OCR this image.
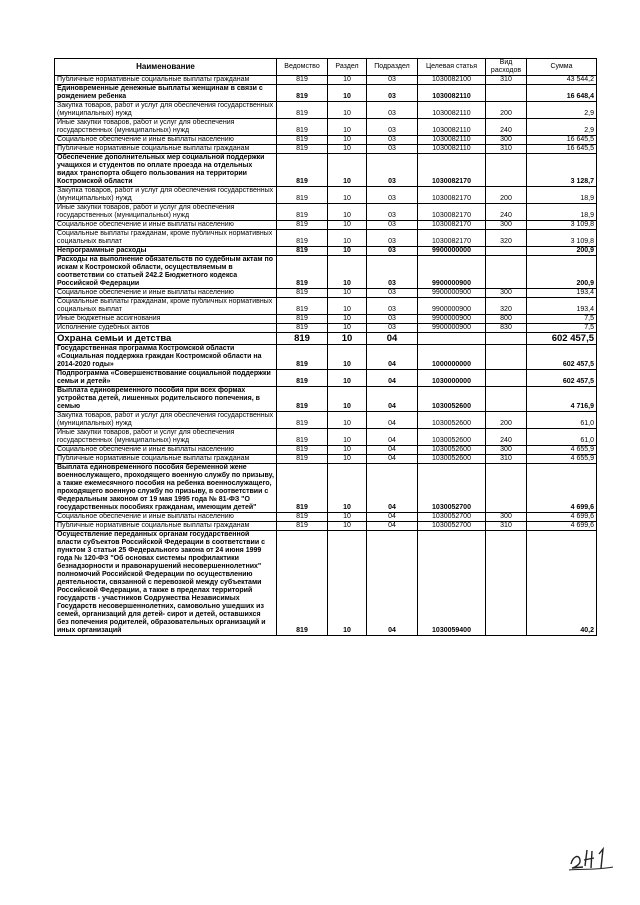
Наименование	Ведомство	Раздел	Подраздел	Целевая статья	Вид расходов	Сумма
Публичные нормативные социальные выплаты гражданам	819	10	03	1030082100	310	43 544,2
Единовременные денежные выплаты женщинам в связи с рождением ребенка	819	10	03	1030082110		16 648,4
Закупка товаров, работ и услуг для обеспечения государственных (муниципальных) нужд	819	10	03	1030082110	200	2,9
Иные закупки товаров, работ и услуг для обеспечения государственных (муниципальных) нужд	819	10	03	1030082110	240	2,9
Социальное обеспечение и иные выплаты населению	819	10	03	1030082110	300	16 645,5
Публичные нормативные социальные выплаты гражданам	819	10	03	1030082110	310	16 645,5
Обеспечение дополнительных мер социальной поддержки учащихся и студентов по оплате проезда на отдельных видах транспорта общего пользования на территории Костромской области	819	10	03	1030082170		3 128,7
Закупка товаров, работ и услуг для обеспечения государственных (муниципальных) нужд	819	10	03	1030082170	200	18,9
Иные закупки товаров, работ и услуг для обеспечения государственных (муниципальных) нужд	819	10	03	1030082170	240	18,9
Социальное обеспечение и иные выплаты населению	819	10	03	1030082170	300	3 109,8
Социальные выплаты гражданам, кроме публичных нормативных социальных выплат	819	10	03	1030082170	320	3 109,8
Непрограммные расходы	819	10	03	9900000000		200,9
Расходы на выполнение обязательств по судебным актам по искам к Костромской области, осуществляемым в соответствии со статьей 242.2 Бюджетного кодекса Российской Федерации	819	10	03	9900000900		200,9
Социальное обеспечение и иные выплаты населению	819	10	03	9900000900	300	193,4
Социальные выплаты гражданам, кроме публичных нормативных социальных выплат	819	10	03	9900000900	320	193,4
Иные бюджетные ассигнования	819	10	03	9900000900	800	7,5
Исполнение судебных актов	819	10	03	9900000900	830	7,5
Охрана семьи и детства	819	10	04			602 457,5
Государственная программа Костромской области «Социальная поддержка граждан Костромской области на 2014-2020 годы»	819	10	04	1000000000		602 457,5
Подпрограмма «Совершенствование социальной поддержки семьи и детей»	819	10	04	1030000000		602 457,5
Выплата единовременного пособия при всех формах устройства детей, лишенных родительского попечения, в семью	819	10	04	1030052600		4 716,9
Закупка товаров, работ и услуг для обеспечения государственных (муниципальных) нужд	819	10	04	1030052600	200	61,0
Иные закупки товаров, работ и услуг для обеспечения государственных (муниципальных) нужд	819	10	04	1030052600	240	61,0
Социальное обеспечение и иные выплаты населению	819	10	04	1030052600	300	4 655,9
Публичные нормативные социальные выплаты гражданам	819	10	04	1030052600	310	4 655,9
Выплата единовременного пособия беременной жене военнослужащего, проходящего военную службу по призыву, а также ежемесячного пособия на ребенка военнослужащего, проходящего военную службу по призыву, в соответствии с Федеральным законом от 19 мая 1995 года № 81-ФЗ "О государственных пособиях гражданам, имеющим детей"	819	10	04	1030052700		4 699,6
Социальное обеспечение и иные выплаты населению	819	10	04	1030052700	300	4 699,6
Публичные нормативные социальные выплаты гражданам	819	10	04	1030052700	310	4 699,6
Осуществление переданных органам государственной власти субъектов Российской Федерации в соответствии с пунктом 3 статьи 25 Федерального закона от 24 июня 1999 года № 120-ФЗ "Об основах системы профилактики безнадзорности и правонарушений несовершеннолетних" полномочий Российской Федерации по осуществлению деятельности, связанной с перевозкой между субъектами Российской Федерации, а также в пределах территорий государств - участников Содружества Независимых Государств несовершеннолетних, самовольно ушедших из семей, организаций для детей- сирот и детей, оставшихся без попечения родителей, образовательных организаций и иных организаций	819	10	04	1030059400		40,2
